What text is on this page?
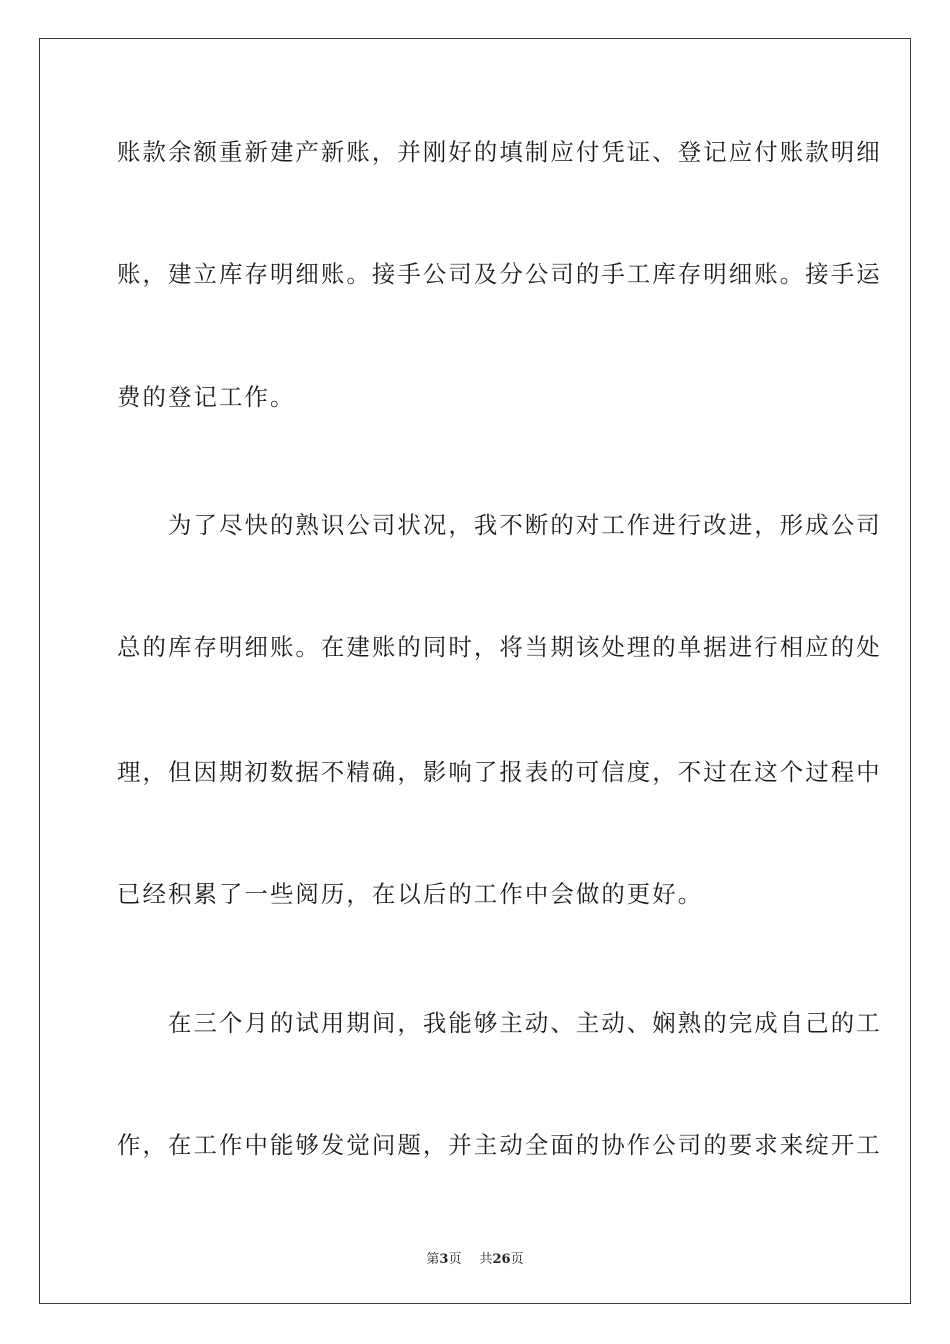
账款余额重新建产新账，并刚好的填制应付凭证、登记应付账款明细
账，建立库存明细账。接手公司及分公司的手工库存明细账。接手运
费的登记工作。
　　为了尽快的熟识公司状况，我不断的对工作进行改进，形成公司
总的库存明细账。在建账的同时，将当期该处理的单据进行相应的处
理，但因期初数据不精确，影响了报表的可信度，不过在这个过程中
已经积累了一些阅历，在以后的工作中会做的更好。
　　在三个月的试用期间，我能够主动、主动、娴熟的完成自己的工
作，在工作中能够发觉问题，并主动全面的协作公司的要求来绽开工
第3页 共26页
